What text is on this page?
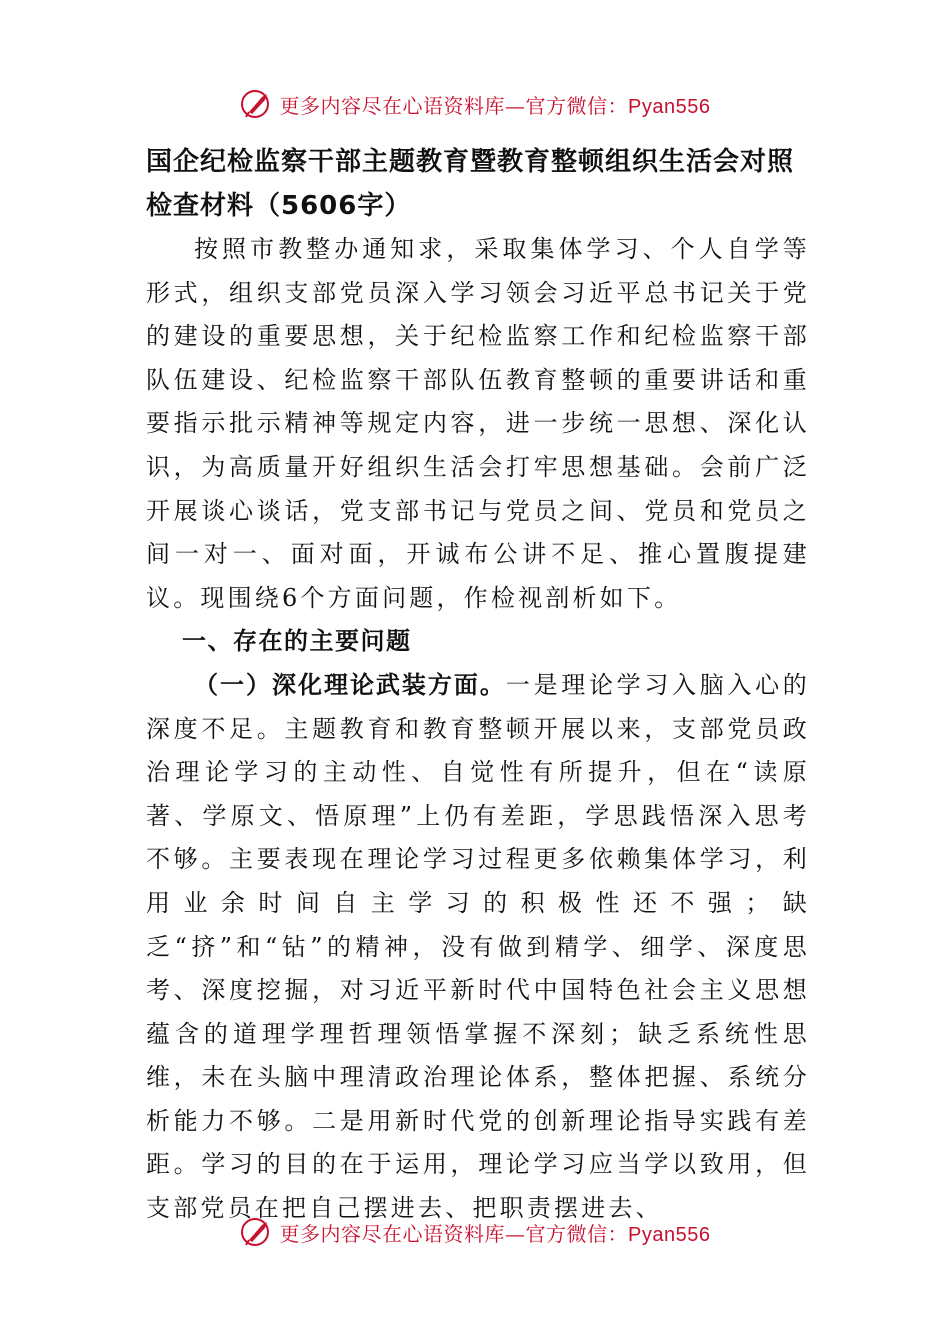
更多内容尽在心语资料库—官方微信：Pyan556
国企纪检监察干部主题教育暨教育整顿组织生活会对照检查材料（5606字）

按照市教整办通知求，采取集体学习、个人自学等形式，组织支部党员深入学习领会习近平总书记关于党的建设的重要思想，关于纪检监察工作和纪检监察干部队伍建设、纪检监察干部队伍教育整顿的重要讲话和重要指示批示精神等规定内容，进一步统一思想、深化认识，为高质量开好组织生活会打牢思想基础。会前广泛开展谈心谈话，党支部书记与党员之间、党员和党员之间一对一、面对面，开诚布公讲不足、推心置腹提建议。现围绕6个方面问题，作检视剖析如下。

一、存在的主要问题

（一）深化理论武装方面。一是理论学习入脑入心的深度不足。主题教育和教育整顿开展以来，支部党员政治理论学习的主动性、自觉性有所提升，但在“读原著、学原文、悟原理”上仍有差距，学思践悟深入思考不够。主要表现在理论学习过程更多依赖集体学习，利用业余时间自主学习的积极性还不强；缺乏“挤”和“钻”的精神，没有做到精学、细学、深度思考、深度挖掘，对习近平新时代中国特色社会主义思想蕴含的道理学理哲理领悟掌握不深刻；缺乏系统性思维，未在头脑中理清政治理论体系，整体把握、系统分析能力不够。二是用新时代党的创新理论指导实践有差距。学习的目的在于运用，理论学习应当学以致用，但支部党员在把自己摆进去、把职责摆进去、

更多内容尽在心语资料库—官方微信：Pyan556
